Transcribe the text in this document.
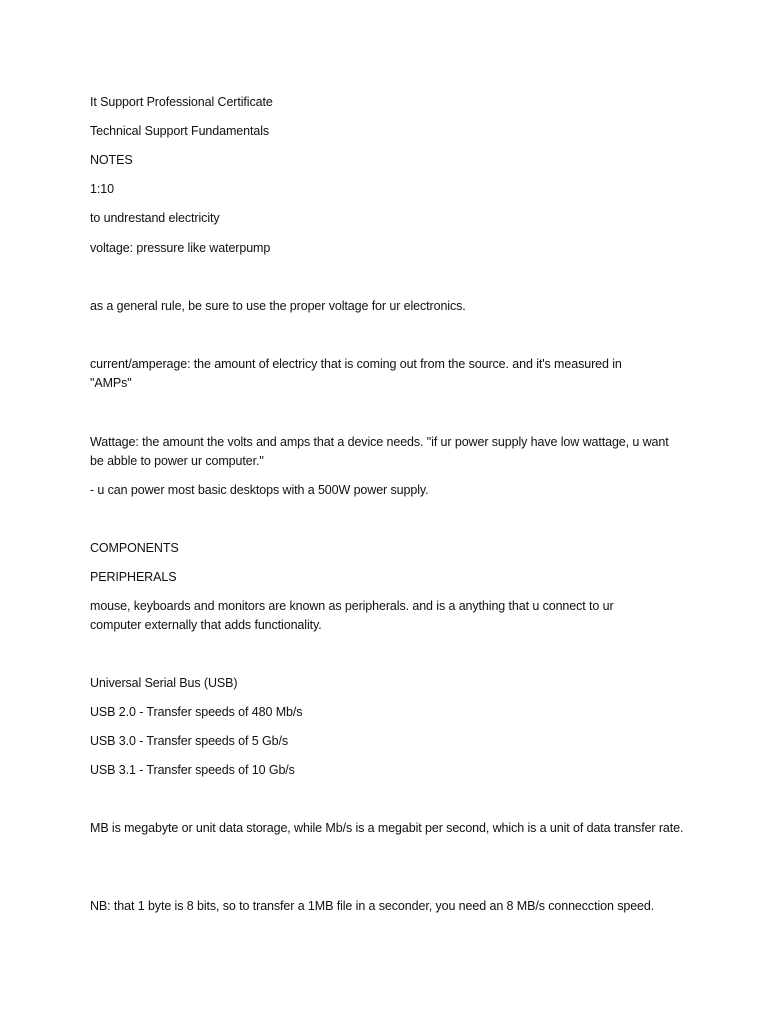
It Support Professional Certificate
Technical Support Fundamentals
NOTES
1:10
to undrestand electricity
voltage: pressure like waterpump
as a general rule, be sure to use the proper voltage for ur electronics.
current/amperage: the amount of electricy that is coming out from the source. and it's measured in "AMPs"
Wattage: the amount the volts and amps that a device needs. "if ur power supply have low wattage, u want be abble to power ur computer."
- u can power most basic desktops with a 500W power supply.
COMPONENTS
PERIPHERALS
mouse, keyboards and monitors are known as peripherals. and is a anything that u connect to ur computer externally that adds functionality.
Universal Serial Bus (USB)
USB 2.0 - Transfer speeds of 480 Mb/s
USB 3.0 - Transfer speeds of 5 Gb/s
USB 3.1 - Transfer speeds of 10 Gb/s
MB is megabyte or unit data storage, while Mb/s is a megabit per second, which is a unit of data transfer rate.
NB: that 1 byte is 8 bits, so to transfer a 1MB file in a seconder, you need an 8 MB/s connecctiоn speed.
